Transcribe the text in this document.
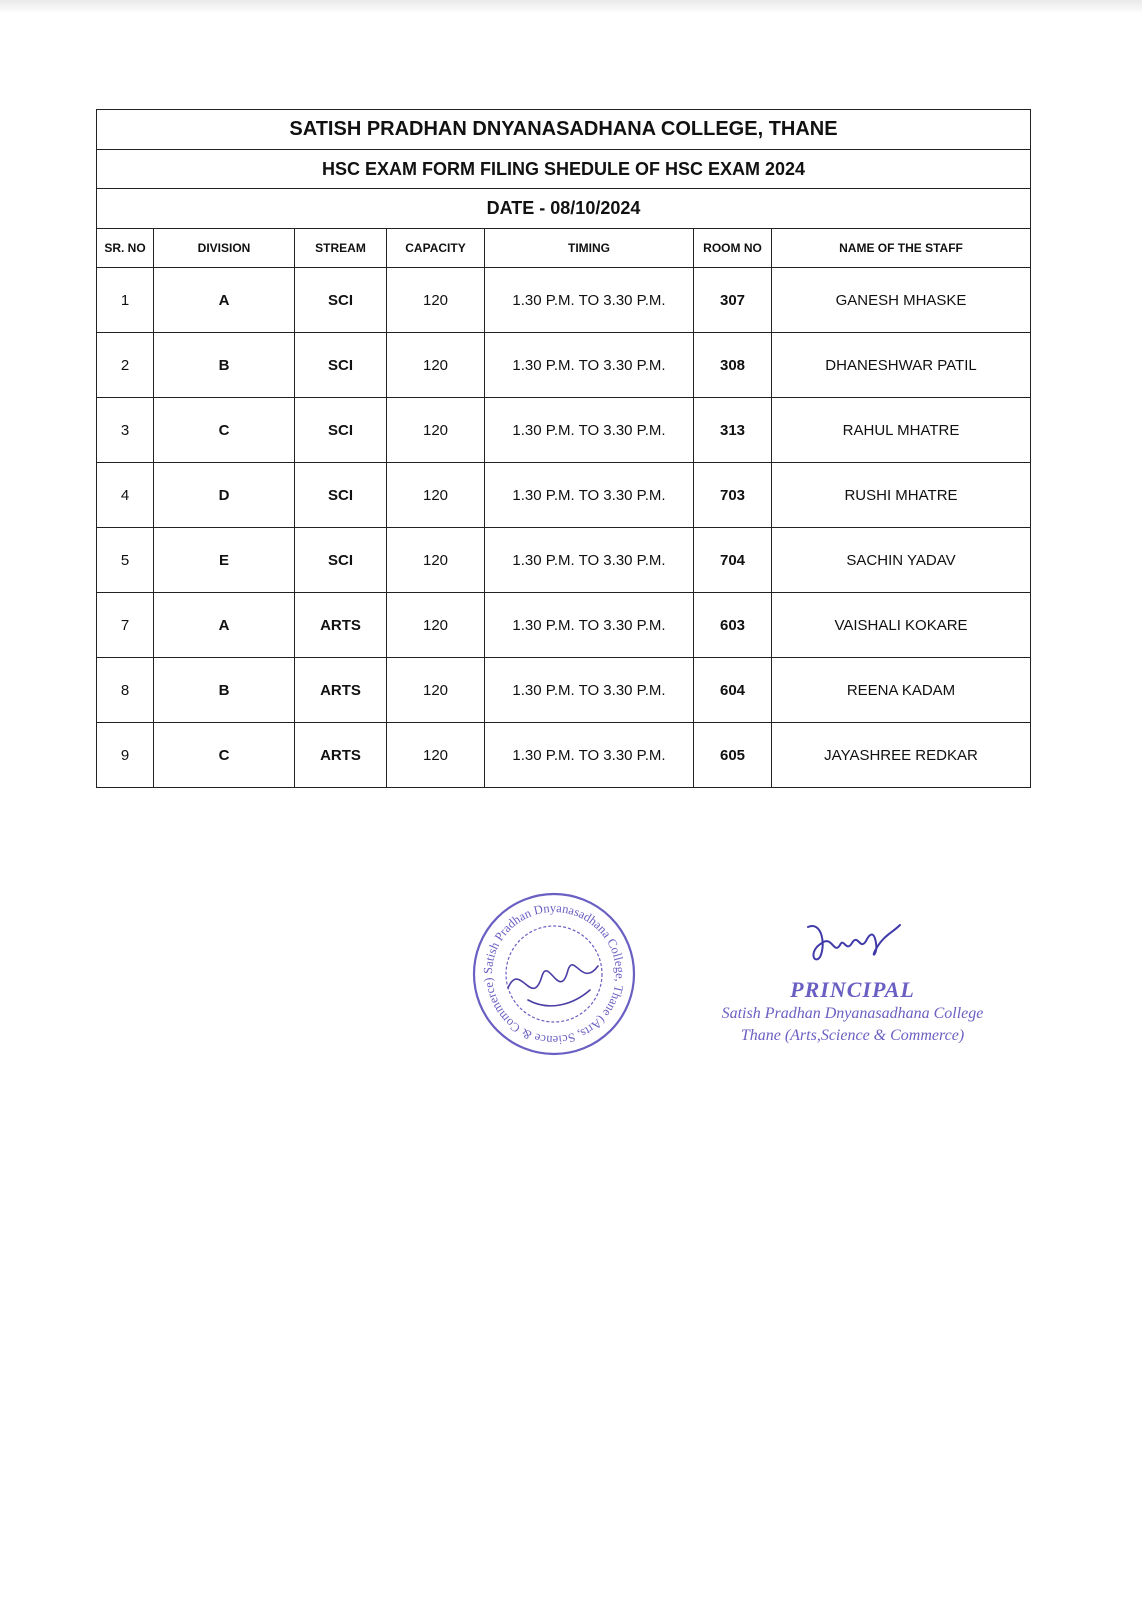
SATISH PRADHAN DNYANASADHANA COLLEGE, THANE						
HSC EXAM FORM FILING SHEDULE OF HSC EXAM 2024						
DATE - 08/10/2024						
SR. NO	DIVISION	STREAM	CAPACITY	TIMING	ROOM NO	NAME OF THE STAFF
1	A	SCI	120	1.30 P.M. TO 3.30 P.M.	307	GANESH MHASKE
2	B	SCI	120	1.30 P.M. TO 3.30 P.M.	308	DHANESHWAR PATIL
3	C	SCI	120	1.30 P.M. TO 3.30 P.M.	313	RAHUL MHATRE
4	D	SCI	120	1.30 P.M. TO 3.30 P.M.	703	RUSHI MHATRE
5	E	SCI	120	1.30 P.M. TO 3.30 P.M.	704	SACHIN YADAV
7	A	ARTS	120	1.30 P.M. TO 3.30 P.M.	603	VAISHALI KOKARE
8	B	ARTS	120	1.30 P.M. TO 3.30 P.M.	604	REENA KADAM
9	C	ARTS	120	1.30 P.M. TO 3.30 P.M.	605	JAYASHREE REDKAR
Satish Pradhan Dnyanasadhana College, Thane (Arts, Science & Commerce)	PRINCIPAL
Satish Pradhan Dnyanasadhana College
Thane (Arts,Science & Commerce)
